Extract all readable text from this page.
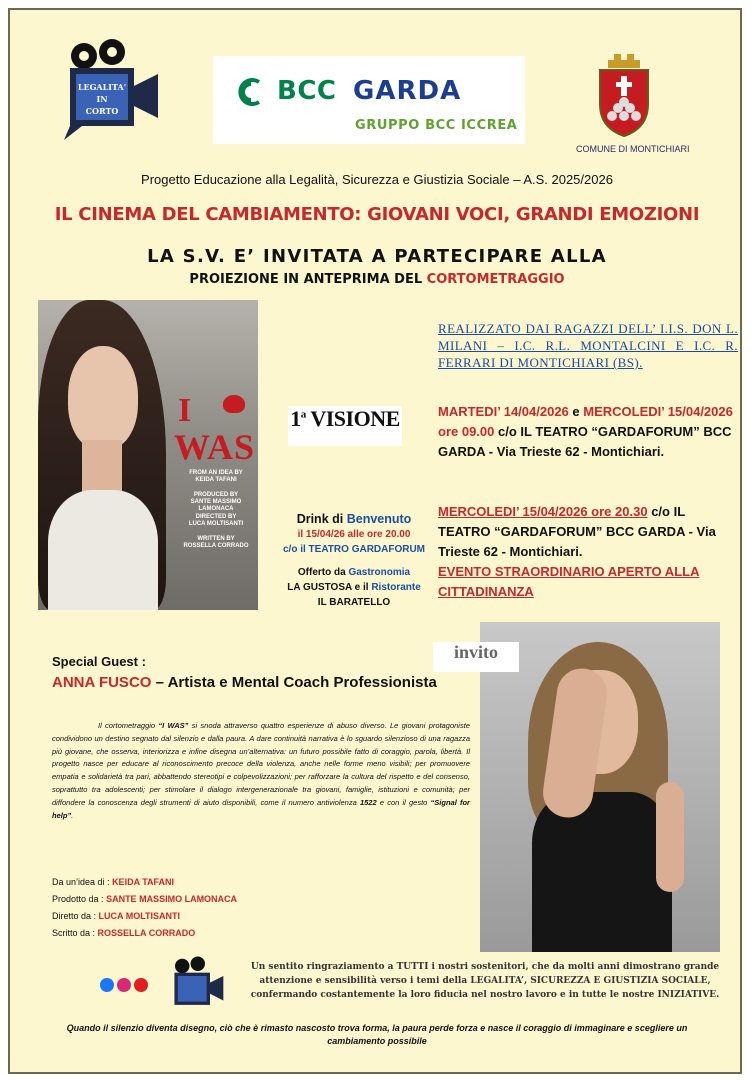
LEGALITA'
IN
CORTO
BCC GARDA
GRUPPO BCC ICCREA
COMUNE DI MONTICHIARI
Progetto Educazione alla Legalità, Sicurezza e Giustizia Sociale – A.S. 2025/2026
IL CINEMA DEL CAMBIAMENTO: GIOVANI VOCI, GRANDI EMOZIONI
LA S.V. E’ INVITATA A PARTECIPARE ALLA
PROIEZIONE IN ANTEPRIMA DEL CORTOMETRAGGIO
I
WAS
FROM AN IDEA BY
KEIDA TAFANI
PRODUCED BY
SANTE MASSIMO LAMONACA
DIRECTED BY
LUCA MOLTISANTI
WRITTEN BY
ROSSELLA CORRADO
1$^a$ VISIONE
Drink di Benvenuto
il 15/04/26 alle ore 20.00
c/o il TEATRO GARDAFORUM
Offerto da Gastronomia
LA GUSTOSA e il Ristorante
IL BARATELLO
REALIZZATO DAI RAGAZZI DELL’ I.I.S. DON L. MILANI – I.C. R.L. MONTALCINI E I.C. R. FERRARI DI MONTICHIARI (BS).
MARTEDI’ 14/04/2026 e MERCOLEDI’ 15/04/2026 ore 09.00 c/o IL TEATRO “GARDAFORUM” BCC GARDA - Via Trieste 62 - Montichiari.
MERCOLEDI’ 15/04/2026 ore 20.30 c/o IL TEATRO “GARDAFORUM” BCC GARDA - Via Trieste 62 - Montichiari.
EVENTO STRAORDINARIO APERTO ALLA CITTADINANZA
invito
Special Guest :
ANNA FUSCO – Artista e Mental Coach Professionista
Il cortometraggio “I WAS” si snoda attraverso quattro esperienze di abuso diverso. Le giovani protagoniste condividono un destino segnato dal silenzio e dalla paura. A dare continuità narrativa è lo sguardo silenzioso di una ragazza più giovane, che osserva, interiorizza e infine disegna un’alternativa: un futuro possibile fatto di coraggio, parola, libertà. Il progetto nasce per educare al riconoscimento precoce della violenza, anche nelle forme meno visibili; per promuovere empatia e solidarietà tra pari, abbattendo stereotipi e colpevolizzazioni; per rafforzare la cultura del rispetto e del consenso, soprattutto tra adolescenti; per stimolare il dialogo intergenerazionale tra giovani, famiglie, istituzioni e comunità; per diffondere la conoscenza degli strumenti di aiuto disponibili, come il numero antiviolenza 1522 e con il gesto “Signal for help”.
Da un’idea di : KEIDA TAFANI
Prodotto da : SANTE MASSIMO LAMONACA
Diretto da : LUCA MOLTISANTI
Scritto da : ROSSELLA CORRADO
Un sentito ringraziamento a TUTTI i nostri sostenitori, che da molti anni dimostrano grande attenzione e sensibilità verso i temi della LEGALITA’, SICUREZZA E GIUSTIZIA SOCIALE, confermando costantemente la loro fiducia nel nostro lavoro e in tutte le nostre INIZIATIVE.
Quando il silenzio diventa disegno, ciò che è rimasto nascosto trova forma, la paura perde forza e nasce il coraggio di immaginare e scegliere un cambiamento possibile
